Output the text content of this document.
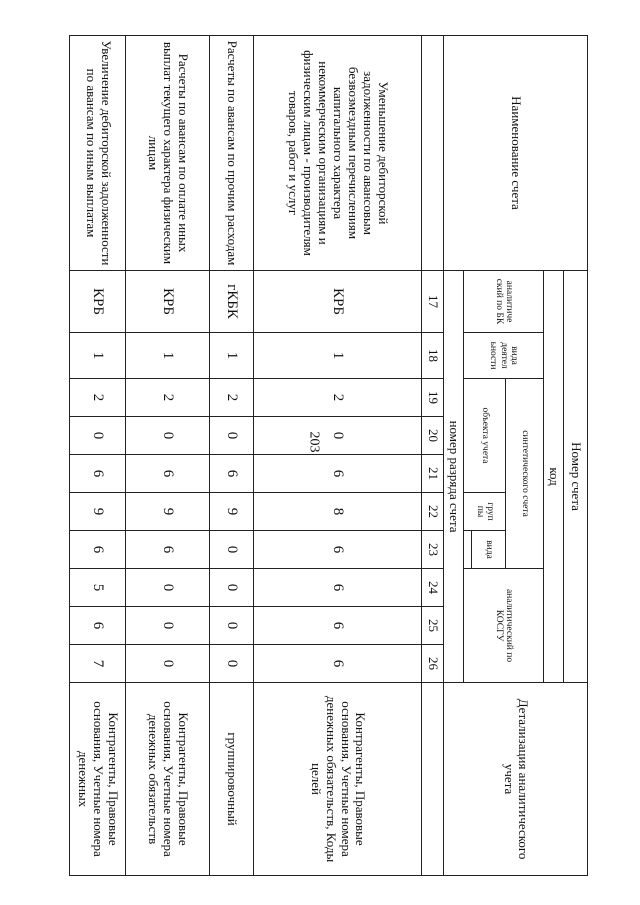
203
Наименование счета	Номер счета										Детализация аналитического учета
	код										
	аналитиче ский по БК	вида деятел ьности	синтетического счета					аналитический по КОСГУ			
			объекта учета			груп пы	вида				

	номер разряда счета										
	17	18	19	20	21	22	23	24	25	26	
Уменьшение дебиторской задолженности по авансовым безвозмездным перечислениям капитального характера некоммерческим организациям и физическим лицам - производителям товаров, работ и услуг	КРБ	1	2	0	6	8	6	6	6	6	Контрагенты, Правовые основания, Учетные номера денежных обязательств, Коды целей
Расчеты по авансам по прочим расходам	гКБК	1	2	0	6	9	0	0	0	0	группировочный
Расчеты по авансам по оплате иных выплат текущего характера физическим лицам	КРБ	1	2	0	6	9	6	0	0	0	Контрагенты, Правовые основания, Учетные номера денежных обязательств
Увеличение дебиторской задолженности по авансам по иным выплатам	КРБ	1	2	0	6	9	6	5	6	7	Контрагенты, Правовые основания, Учетные номера денежных
